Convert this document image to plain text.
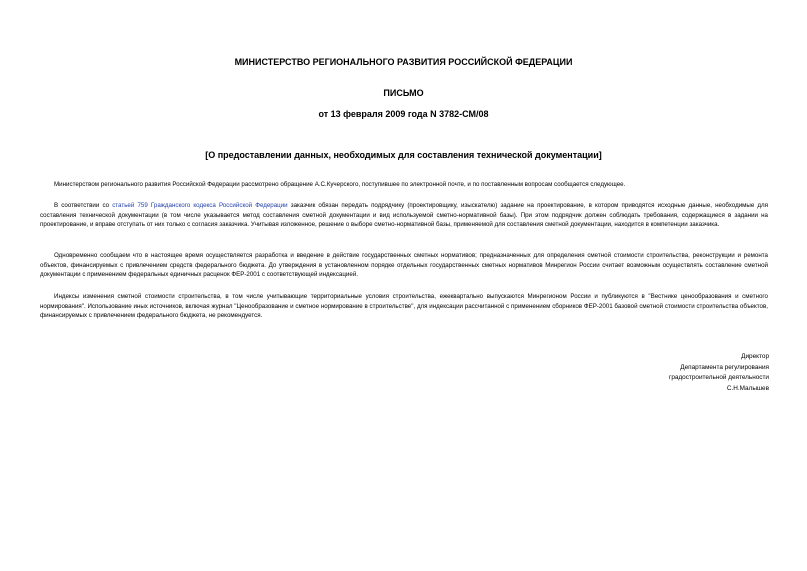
МИНИСТЕРСТВО РЕГИОНАЛЬНОГО РАЗВИТИЯ РОССИЙСКОЙ ФЕДЕРАЦИИ
ПИСЬМО
от 13 февраля 2009 года N 3782-СМ/08
[О предоставлении данных, необходимых для составления технической документации]
Министерством регионального развития Российской Федерации рассмотрено обращение А.С.Кучерского, поступившее по электронной почте, и по поставленным вопросам сообщается следующее.
В соответствии со статьей 759 Гражданского кодекса Российской Федерации заказчик обязан передать подрядчику (проектировщику, изыскателю) задание на проектирование, в котором приводятся исходные данные, необходимые для составления технической документации (в том числе указывается метод составления сметной документации и вид используемой сметно-нормативной базы). При этом подрядчик должен соблюдать требования, содержащиеся в задании на проектирование, и вправе отступать от них только с согласия заказчика. Учитывая изложенное, решение о выборе сметно-нормативной базы, применяемой для составления сметной документации, находится в компетенции заказчика.
Одновременно сообщаем что в настоящее время осуществляется разработка и введение в действие государственных сметных нормативов; предназначенных для определения сметной стоимости строительства, реконструкции и ремонта объектов, финансируемых с привлечением средств федерального бюджета. До утверждения в установленном порядке отдельных государственных сметных нормативов Минрегион России считает возможным осуществлять составление сметной документации с применением федеральных единичных расценок ФЕР-2001 с соответствующей индексацией.
Индексы изменения сметной стоимости строительства, в том числе учитывающие территориальные условия строительства, ежеквартально выпускаются Минрегионом России и публикуются в "Вестнике ценообразования и сметного нормирования". Использование иных источников, включая журнал "Ценообразование и сметное нормирование в строительстве", для индексации рассчитанной с применением сборников ФЕР-2001 базовой сметной стоимости строительства объектов, финансируемых с привлечением федерального бюджета, не рекомендуется.
Директор
Департамента регулирования
градостроительной деятельности
С.Н.Малышев
